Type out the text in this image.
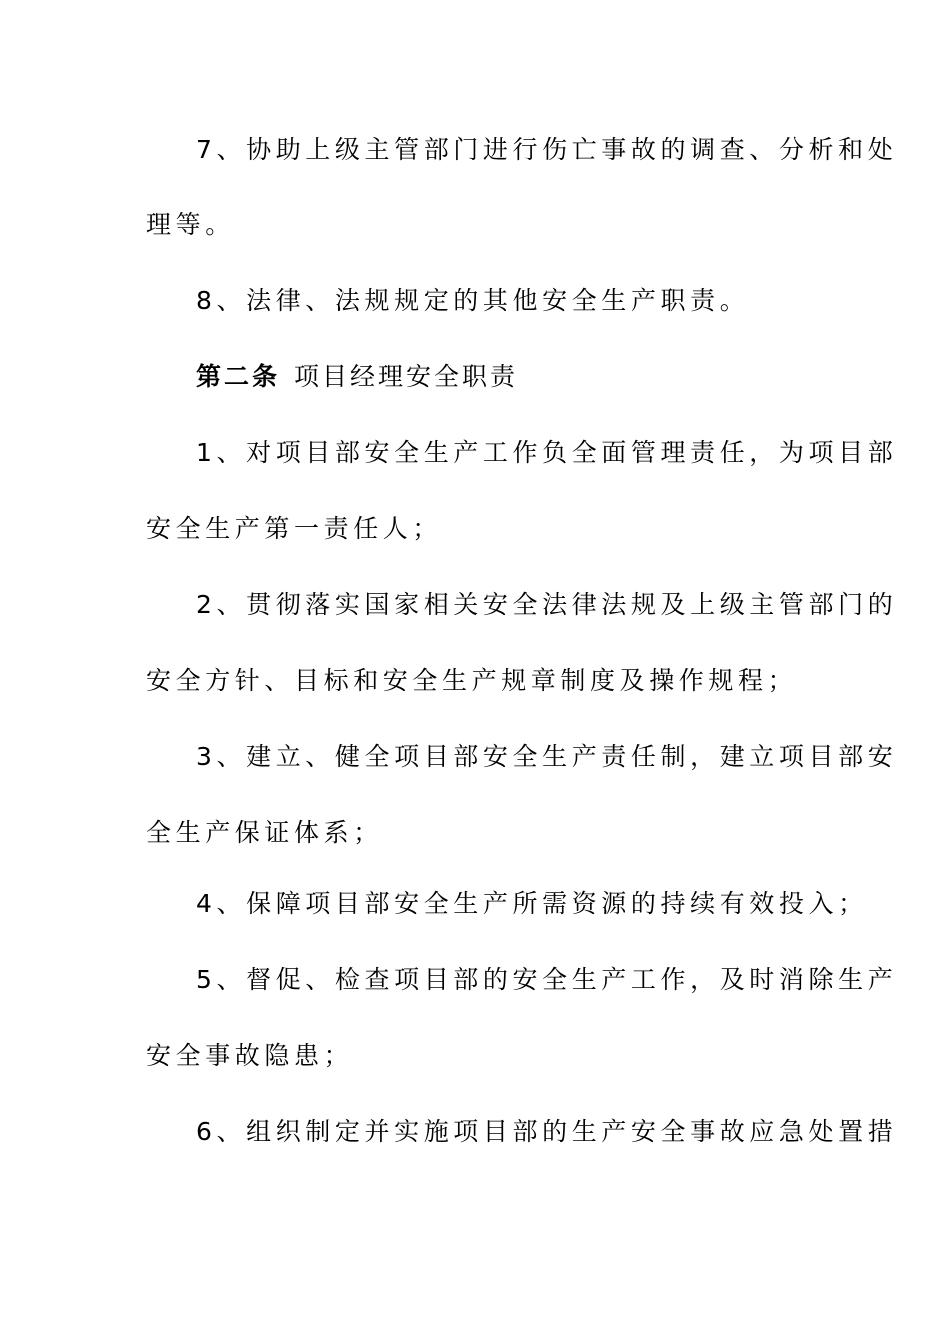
7、协助上级主管部门进行伤亡事故的调查、分析和处
理等。
8、法律、法规规定的其他安全生产职责。
第二条 项目经理安全职责
1、对项目部安全生产工作负全面管理责任，为项目部
安全生产第一责任人；
2、贯彻落实国家相关安全法律法规及上级主管部门的
安全方针、目标和安全生产规章制度及操作规程；
3、建立、健全项目部安全生产责任制，建立项目部安
全生产保证体系；
4、保障项目部安全生产所需资源的持续有效投入；
5、督促、检查项目部的安全生产工作，及时消除生产
安全事故隐患；
6、组织制定并实施项目部的生产安全事故应急处置措
